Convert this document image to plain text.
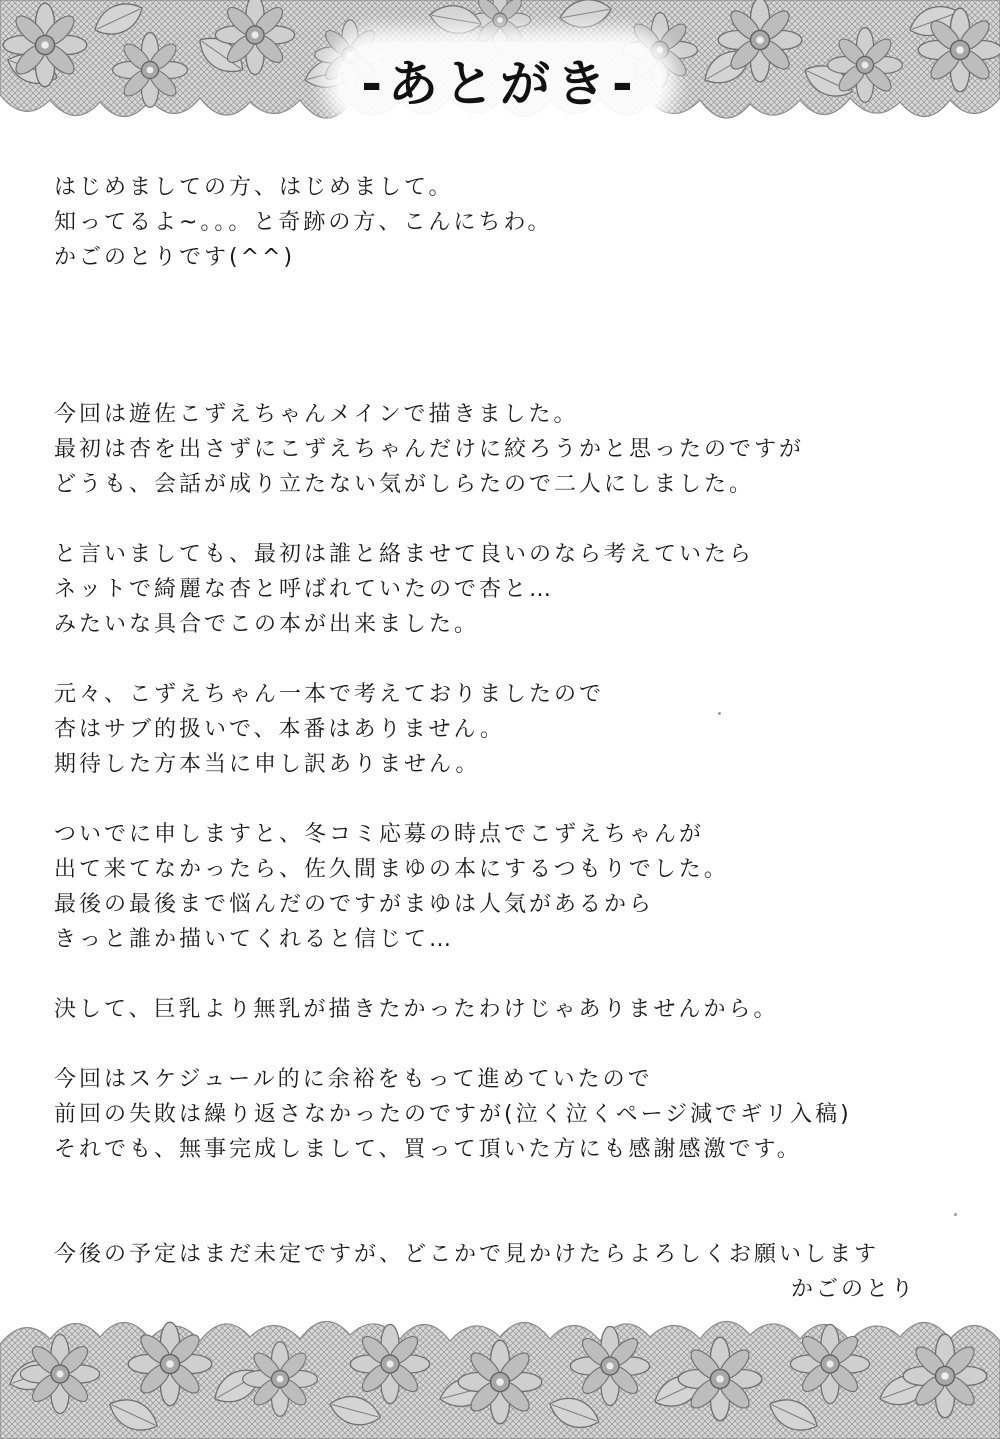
-あとがき-
はじめましての方、はじめまして。
知ってるよ~。。。と奇跡の方、こんにちわ。
かごのとりです(^^)
今回は遊佐こずえちゃんメインで描きました。
最初は杏を出さずにこずえちゃんだけに絞ろうかと思ったのですが
どうも、会話が成り立たない気がしらたので二人にしました。
と言いましても、最初は誰と絡ませて良いのなら考えていたら
ネットで綺麗な杏と呼ばれていたので杏と…
みたいな具合でこの本が出来ました。
元々、こずえちゃん一本で考えておりましたので
杏はサブ的扱いで、本番はありません。
期待した方本当に申し訳ありません。
ついでに申しますと、冬コミ応募の時点でこずえちゃんが
出て来てなかったら、佐久間まゆの本にするつもりでした。
最後の最後まで悩んだのですがまゆは人気があるから
きっと誰か描いてくれると信じて…
決して、巨乳より無乳が描きたかったわけじゃありませんから。
今回はスケジュール的に余裕をもって進めていたので
前回の失敗は繰り返さなかったのですが(泣く泣くページ減でギリ入稿)
それでも、無事完成しまして、買って頂いた方にも感謝感激です。
今後の予定はまだ未定ですが、どこかで見かけたらよろしくお願いします
かごのとり
